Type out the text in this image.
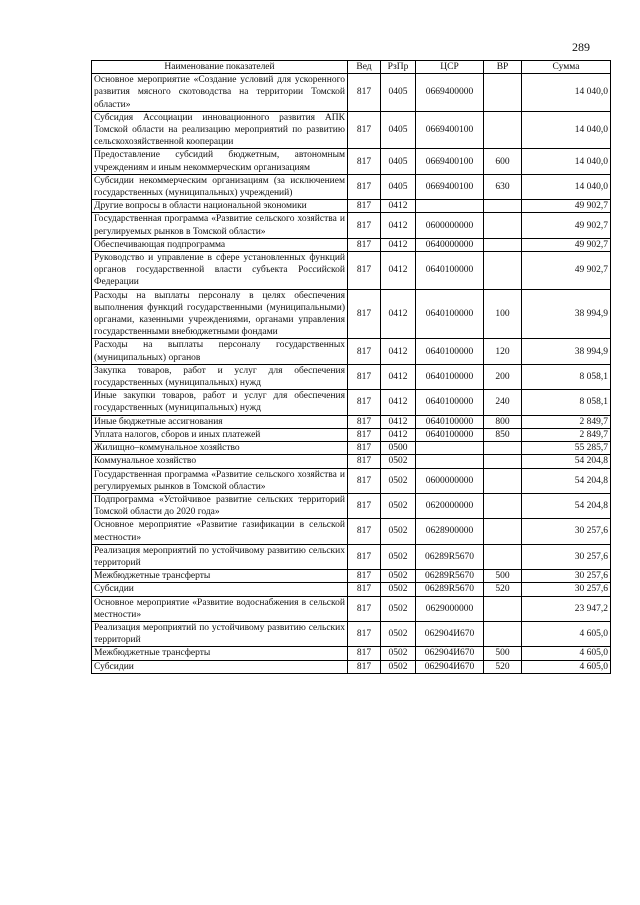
289
Наименование показателей	Вед	РзПр	ЦСР	ВР	Сумма
Основное мероприятие «Создание условий для ускоренного развития мясного скотоводства на территории Томской области»	817	0405	0669400000		14 040,0
Субсидия Ассоциации инновационного развития АПК Томской области на реализацию мероприятий по развитию сельскохозяйственной кооперации	817	0405	0669400100		14 040,0
Предоставление субсидий бюджетным, автономным учреждениям и иным некоммерческим организациям	817	0405	0669400100	600	14 040,0
Субсидии некоммерческим организациям (за исключением государственных (муниципальных) учреждений)	817	0405	0669400100	630	14 040,0
Другие вопросы в области национальной экономики	817	0412			49 902,7
Государственная программа «Развитие сельского хозяйства и регулируемых рынков в Томской области»	817	0412	0600000000		49 902,7
Обеспечивающая подпрограмма	817	0412	0640000000		49 902,7
Руководство и управление в сфере установленных функций органов государственной власти субъекта Российской Федерации	817	0412	0640100000		49 902,7
Расходы на выплаты персоналу в целях обеспечения выполнения функций государственными (муниципальными) органами, казенными учреждениями, органами управления государственными внебюджетными фондами	817	0412	0640100000	100	38 994,9
Расходы на выплаты персоналу государственных (муниципальных) органов	817	0412	0640100000	120	38 994,9
Закупка товаров, работ и услуг для обеспечения государственных (муниципальных) нужд	817	0412	0640100000	200	8 058,1
Иные закупки товаров, работ и услуг для обеспечения государственных (муниципальных) нужд	817	0412	0640100000	240	8 058,1
Иные бюджетные ассигнования	817	0412	0640100000	800	2 849,7
Уплата налогов, сборов и иных платежей	817	0412	0640100000	850	2 849,7
Жилищно–коммунальное хозяйство	817	0500			55 285,7
Коммунальное хозяйство	817	0502			54 204,8
Государственная программа «Развитие сельского хозяйства и регулируемых рынков в Томской области»	817	0502	0600000000		54 204,8
Подпрограмма «Устойчивое развитие сельских территорий Томской области до 2020 года»	817	0502	0620000000		54 204,8
Основное мероприятие «Развитие газификации в сельской местности»	817	0502	0628900000		30 257,6
Реализация мероприятий по устойчивому развитию сельских территорий	817	0502	06289R5670		30 257,6
Межбюджетные трансферты	817	0502	06289R5670	500	30 257,6
Субсидии	817	0502	06289R5670	520	30 257,6
Основное мероприятие «Развитие водоснабжения в сельской местности»	817	0502	0629000000		23 947,2
Реализация мероприятий по устойчивому развитию сельских территорий	817	0502	062904И670		4 605,0
Межбюджетные трансферты	817	0502	062904И670	500	4 605,0
Субсидии	817	0502	062904И670	520	4 605,0
